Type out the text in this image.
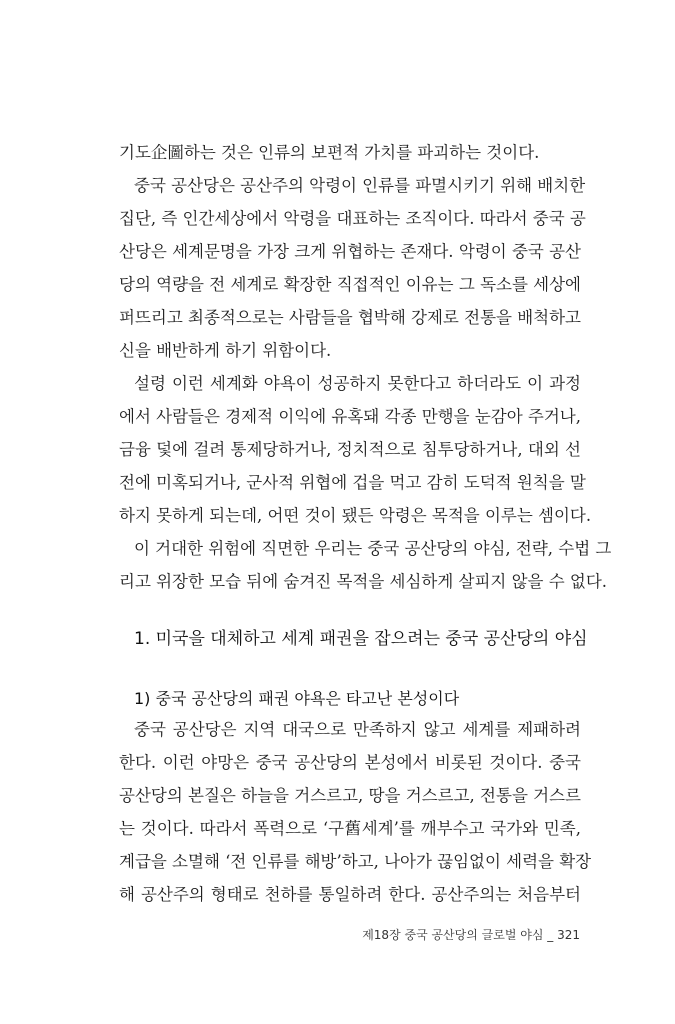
기도企圖하는 것은 인류의 보편적 가치를 파괴하는 것이다.
중국 공산당은 공산주의 악령이 인류를 파멸시키기 위해 배치한
집단, 즉 인간세상에서 악령을 대표하는 조직이다. 따라서 중국 공
산당은 세계문명을 가장 크게 위협하는 존재다. 악령이 중국 공산
당의 역량을 전 세계로 확장한 직접적인 이유는 그 독소를 세상에
퍼뜨리고 최종적으로는 사람들을 협박해 강제로 전통을 배척하고
신을 배반하게 하기 위함이다.
설령 이런 세계화 야욕이 성공하지 못한다고 하더라도 이 과정
에서 사람들은 경제적 이익에 유혹돼 각종 만행을 눈감아 주거나,
금융 덫에 걸려 통제당하거나, 정치적으로 침투당하거나, 대외 선
전에 미혹되거나, 군사적 위협에 겁을 먹고 감히 도덕적 원칙을 말
하지 못하게 되는데, 어떤 것이 됐든 악령은 목적을 이루는 셈이다.
이 거대한 위험에 직면한 우리는 중국 공산당의 야심, 전략, 수법 그
리고 위장한 모습 뒤에 숨겨진 목적을 세심하게 살피지 않을 수 없다.
1. 미국을 대체하고 세계 패권을 잡으려는 중국 공산당의 야심
1) 중국 공산당의 패권 야욕은 타고난 본성이다
중국 공산당은 지역 대국으로 만족하지 않고 세계를 제패하려
한다. 이런 야망은 중국 공산당의 본성에서 비롯된 것이다. 중국
공산당의 본질은 하늘을 거스르고, 땅을 거스르고, 전통을 거스르
는 것이다. 따라서 폭력으로 ‘구舊세계’를 깨부수고 국가와 민족,
계급을 소멸해 ‘전 인류를 해방’하고, 나아가 끊임없이 세력을 확장
해 공산주의 형태로 천하를 통일하려 한다. 공산주의는 처음부터
제18장 중국 공산당의 글로벌 야심 _ 321
